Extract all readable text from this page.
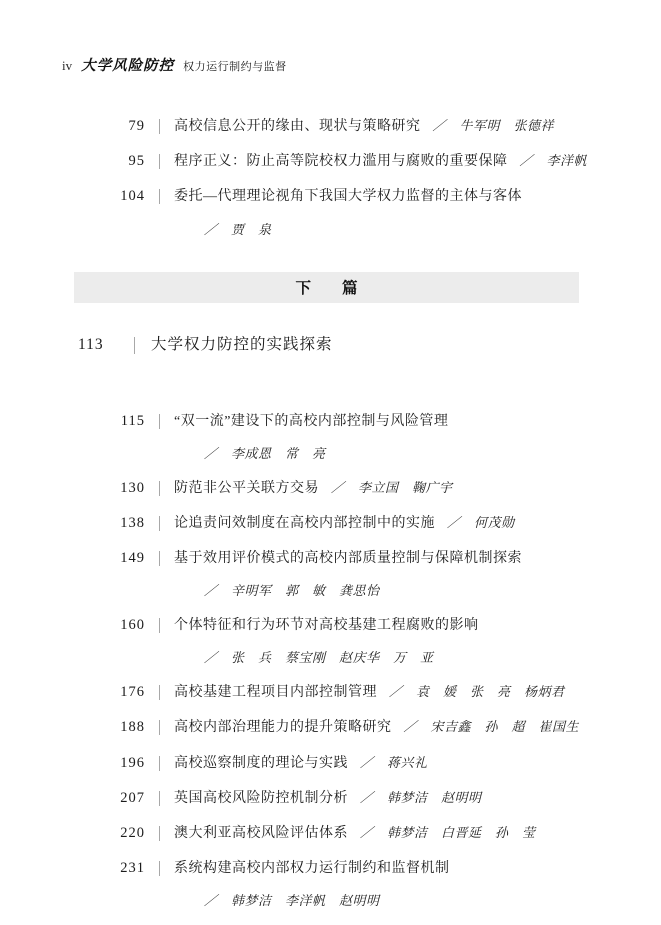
iv 大学风险防控 权力运行制约与监督
79 高校信息公开的缘由、现状与策略研究 ／　牛军明　张德祥
95 程序正义：防止高等院校权力滥用与腐败的重要保障 ／　李洋帆
104 委托—代理理论视角下我国大学权力监督的主体与客体
／　贾　泉
下　　篇
113	大学权力防控的实践探索
115 “双一流”建设下的高校内部控制与风险管理
／　李成恩　常　亮
130 防范非公平关联方交易 ／　李立国　鞠广宇
138 论追责问效制度在高校内部控制中的实施 ／　何茂勋
149 基于效用评价模式的高校内部质量控制与保障机制探索
／　辛明军　郭　敏　龚思怡
160 个体特征和行为环节对高校基建工程腐败的影响
／　张　兵　蔡宝刚　赵庆华　万　亚
176 高校基建工程项目内部控制管理 ／　袁　媛　张　亮　杨炳君
188 高校内部治理能力的提升策略研究 ／　宋吉鑫　孙　超　崔国生
196 高校巡察制度的理论与实践 ／　蒋兴礼
207 英国高校风险防控机制分析 ／　韩梦洁　赵明明
220 澳大利亚高校风险评估体系 ／　韩梦洁　白晋延　孙　莹
231 系统构建高校内部权力运行制约和监督机制
／　韩梦洁　李洋帆　赵明明
